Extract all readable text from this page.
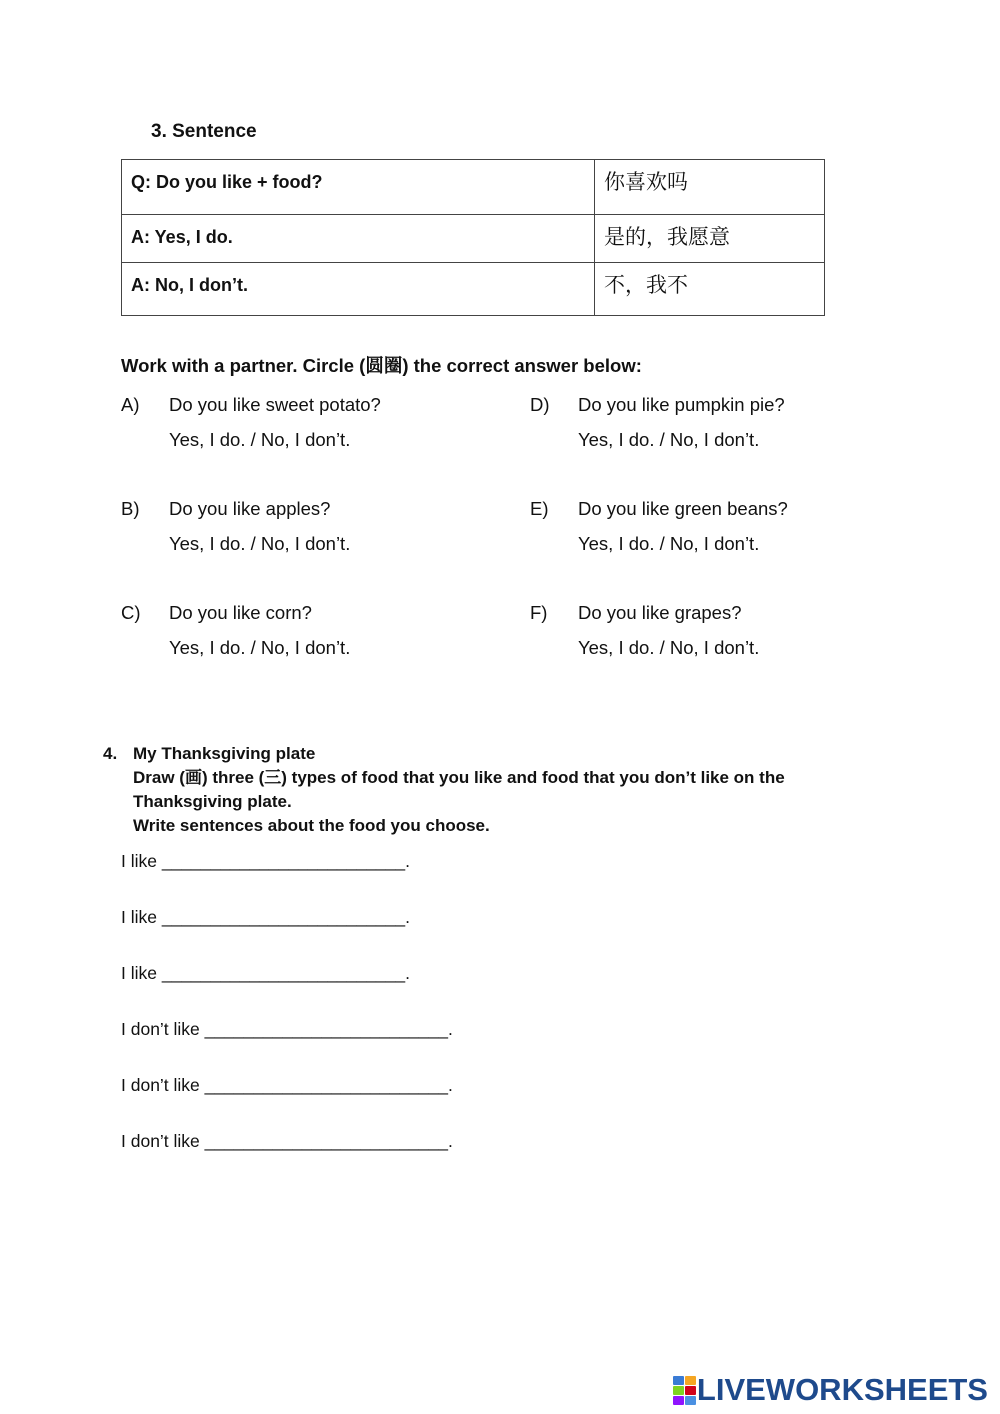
3. Sentence
Q: Do you like + food?	你喜欢吗
A: Yes, I do.	是的，我愿意
A: No, I don’t.	不，我不
Work with a partner. Circle (圆圈) the correct answer below:
A) Do you like sweet potato?
Yes, I do. / No, I don’t.
B) Do you like apples?
Yes, I do. / No, I don’t.
C) Do you like corn?
Yes, I do. / No, I don’t.
D) Do you like pumpkin pie?
Yes, I do. / No, I don’t.
E) Do you like green beans?
Yes, I do. / No, I don’t.
F) Do you like grapes?
Yes, I do. / No, I don’t.
4. My Thanksgiving plate
Draw (画) three (三) types of food that you like and food that you don’t like on the
Thanksgiving plate.
Write sentences about the food you choose.
I like _________________________.
I like _________________________.
I like _________________________.
I don’t like _________________________.
I don’t like _________________________.
I don’t like _________________________.
LIVEWORKSHEETS
